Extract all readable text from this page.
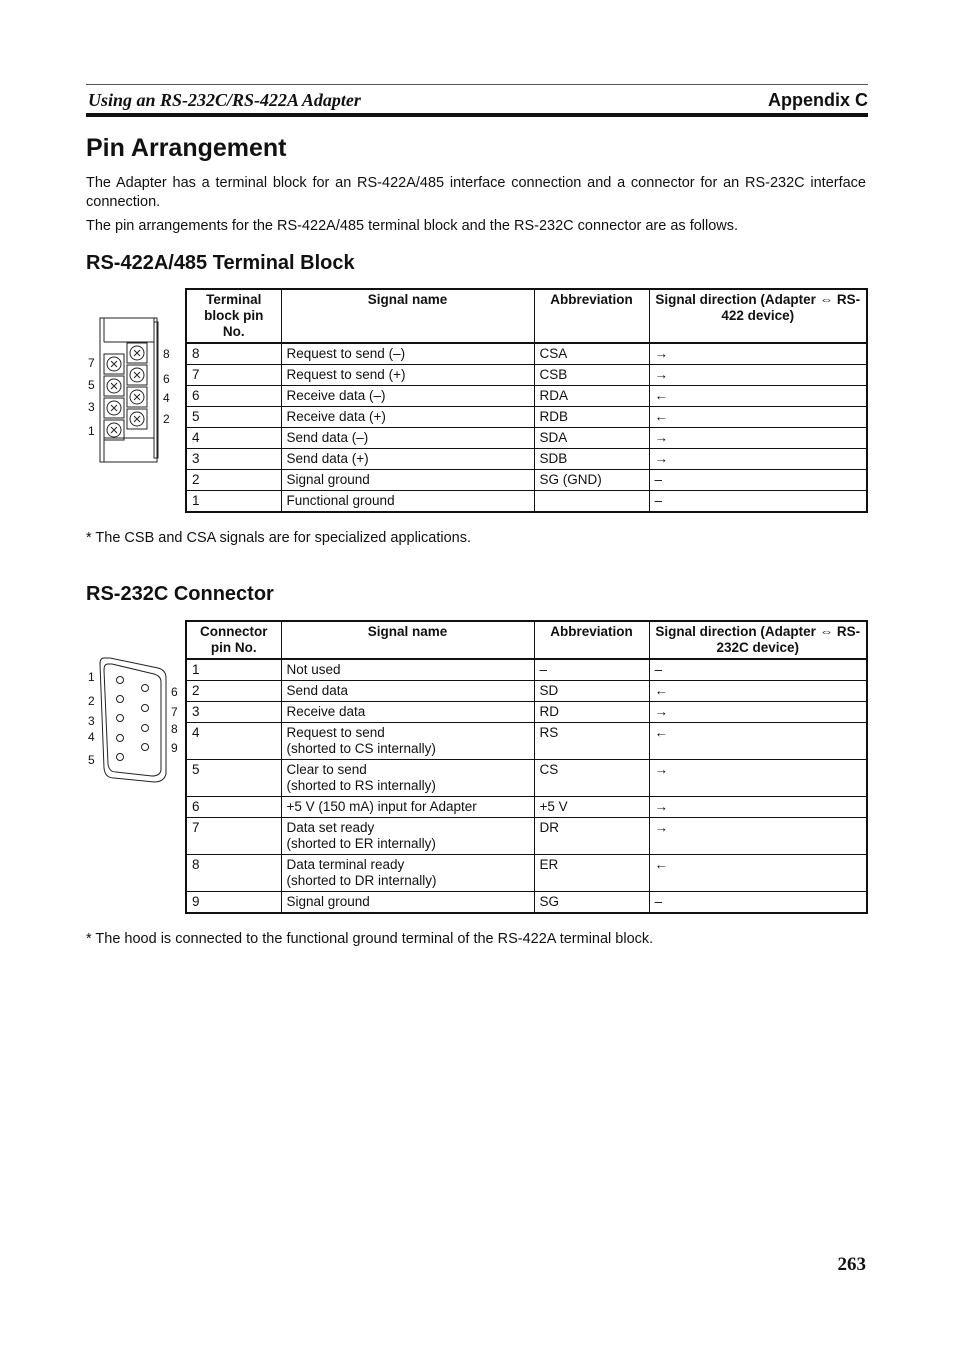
Using an RS-232C/RS-422A Adapter	Appendix C
Pin Arrangement

The Adapter has a terminal block for an RS-422A/485 interface connection and a connector for an RS-232C interface connection.

The pin arrangements for the RS-422A/485 terminal block and the RS-232C connector are as follows.

RS-422A/485 Terminal Block
7
5
3
1
8
6
4
2
Terminal block pin No.	Signal name	Abbreviation	Signal direction (Adapter ⇔ RS-422 device)
8	Request to send (–)	CSA	→
7	Request to send (+)	CSB	→
6	Receive data (–)	RDA	←
5	Receive data (+)	RDB	←
4	Send data (–)	SDA	→
3	Send data (+)	SDB	→
2	Signal ground	SG (GND)	–
1	Functional ground		–

* The CSB and CSA signals are for specialized applications.

RS-232C Connector
1
2
3
4
5
6
7
8
9
Connector pin No.	Signal name	Abbreviation	Signal direction (Adapter ⇔ RS-232C device)
1	Not used	–	–
2	Send data	SD	←
3	Receive data	RD	→
4	Request to send
(shorted to CS internally)	RS	←
5	Clear to send
(shorted to RS internally)	CS	→
6	+5 V (150 mA) input for Adapter	+5 V	→
7	Data set ready
(shorted to ER internally)	DR	→
8	Data terminal ready
(shorted to DR internally)	ER	←
9	Signal ground	SG	–

* The hood is connected to the functional ground terminal of the RS-422A terminal block.

263
